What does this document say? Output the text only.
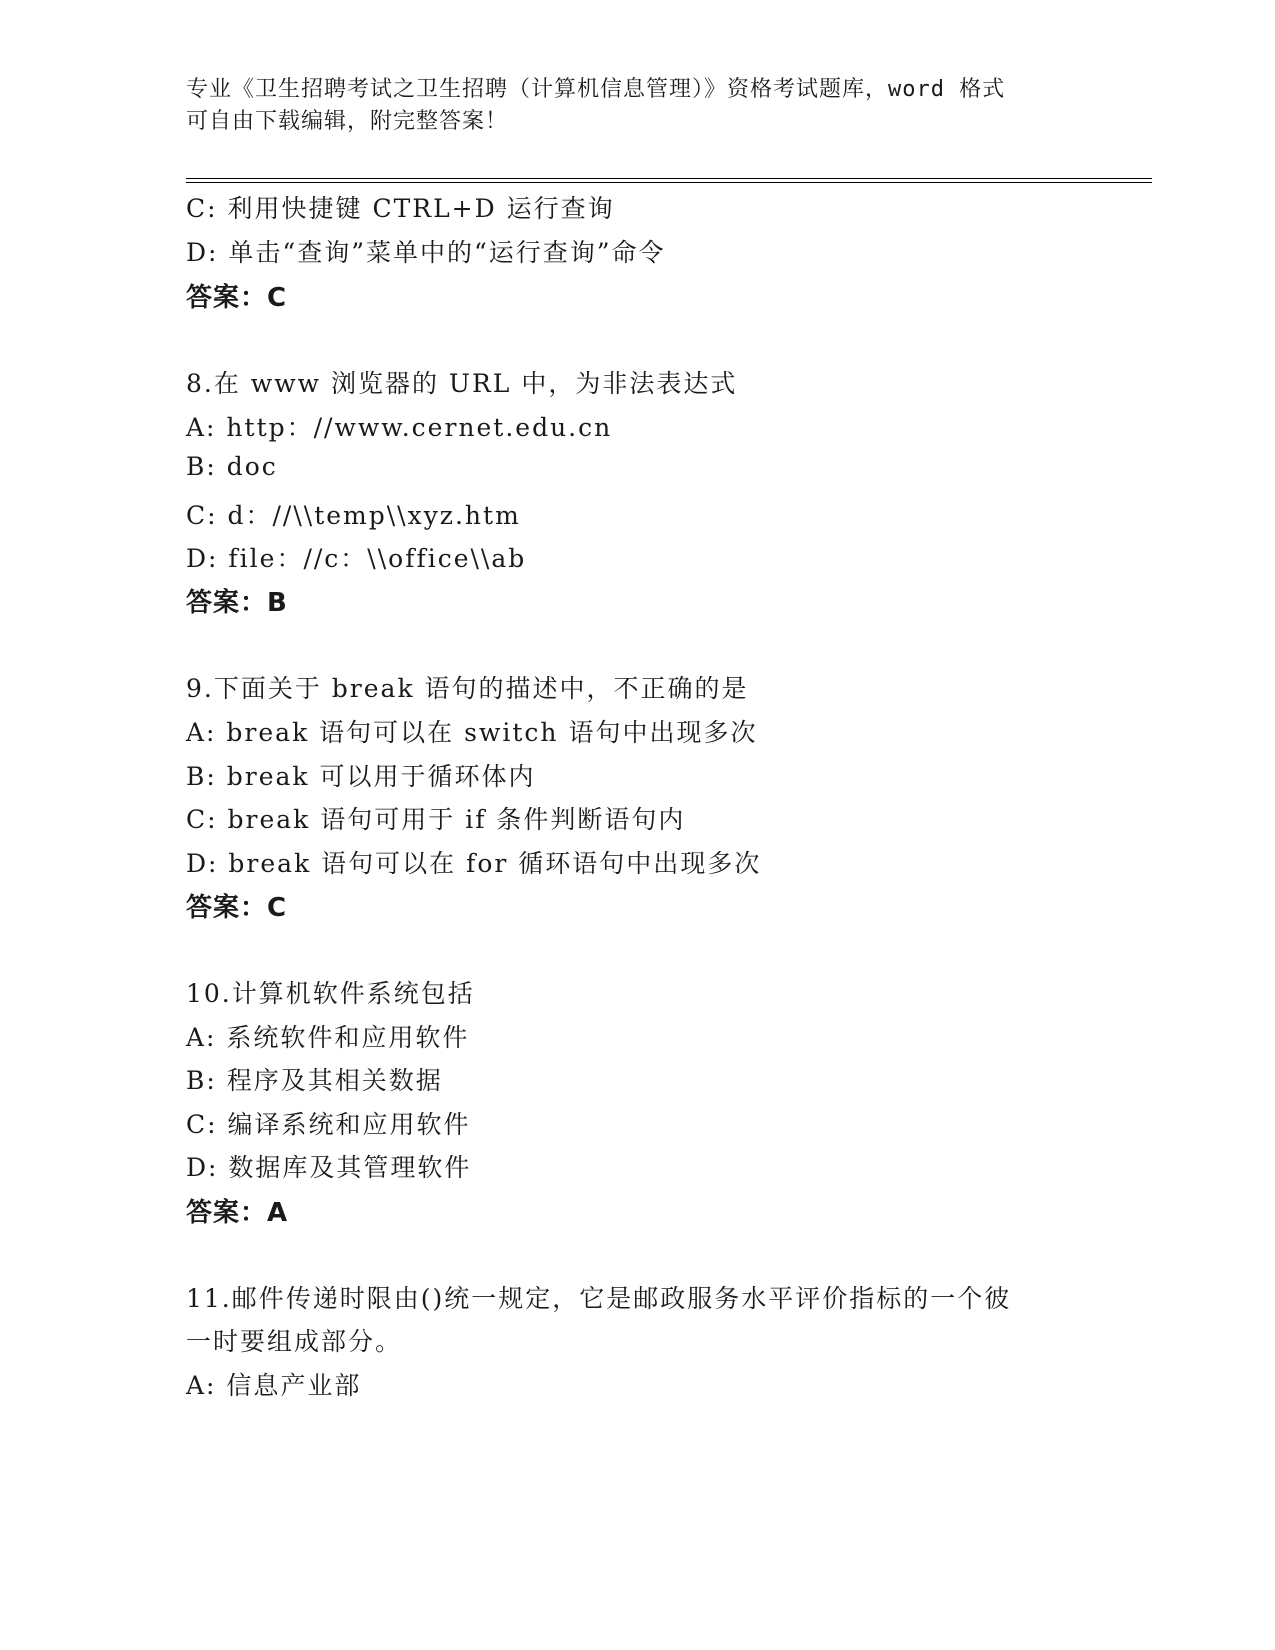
专业《卫生招聘考试之卫生招聘（计算机信息管理）》资格考试题库，word 格式
可自由下载编辑，附完整答案！
C: 利用快捷键 CTRL+D 运行查询
D: 单击“查询”菜单中的“运行查询”命令
答案：C
8.在 www 浏览器的 URL 中，为非法表达式
A: http：//www.cernet.edu.cn
B: doc
C: d：//\\temp\\xyz.htm
D: file：//c：\\office\\ab
答案：B
9.下面关于 break 语句的描述中，不正确的是
A: break 语句可以在 switch 语句中出现多次
B: break 可以用于循环体内
C: break 语句可用于 if 条件判断语句内
D: break 语句可以在 for 循环语句中出现多次
答案：C
10.计算机软件系统包括
A: 系统软件和应用软件
B: 程序及其相关数据
C: 编译系统和应用软件
D: 数据库及其管理软件
答案：A
11.邮件传递时限由()统一规定，它是邮政服务水平评价指标的一个彼
一时要组成部分。
A: 信息产业部
